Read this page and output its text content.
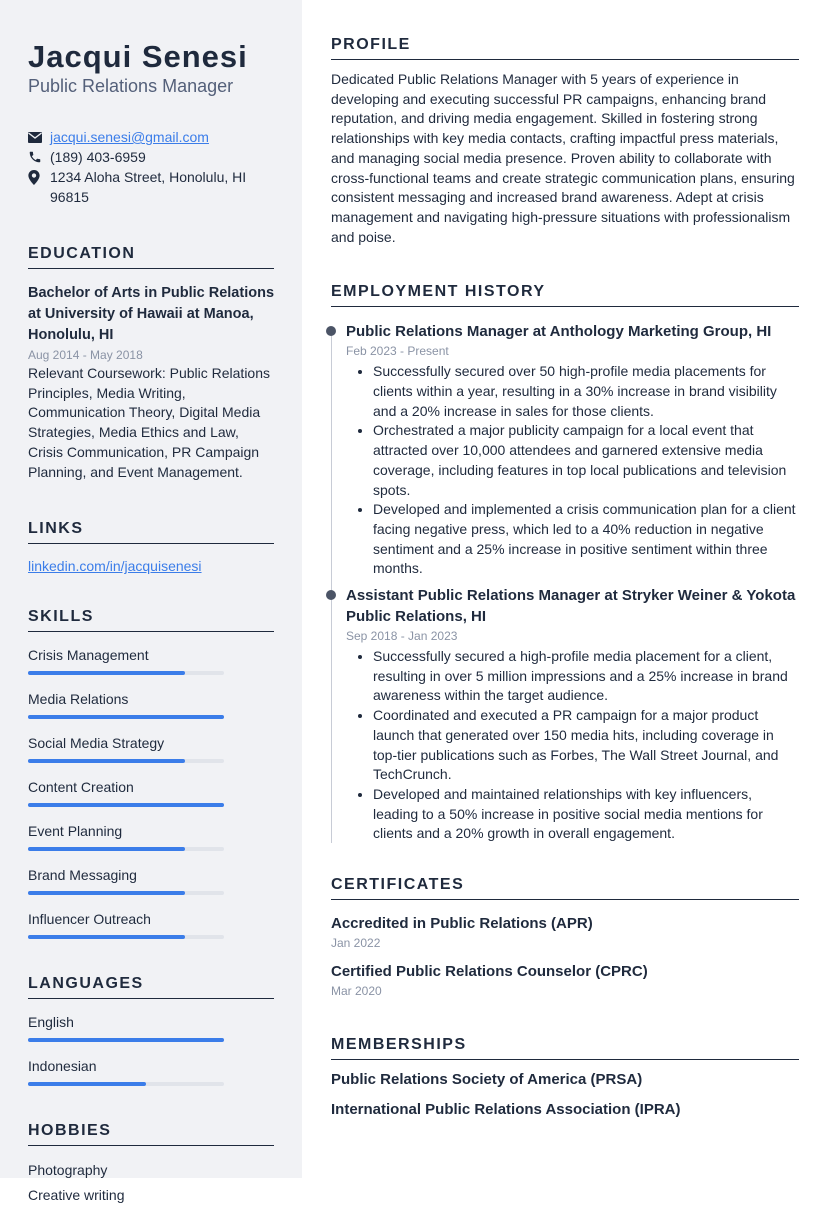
Jacqui Senesi
Public Relations Manager
jacqui.senesi@gmail.com
(189) 403-6959
1234 Aloha Street, Honolulu, HI 96815
EDUCATION
Bachelor of Arts in Public Relations at University of Hawaii at Manoa, Honolulu, HI
Aug 2014 - May 2018
Relevant Coursework: Public Relations Principles, Media Writing, Communication Theory, Digital Media Strategies, Media Ethics and Law, Crisis Communication, PR Campaign Planning, and Event Management.
LINKS
linkedin.com/in/jacquisenesi
SKILLS
Crisis Management
Media Relations
Social Media Strategy
Content Creation
Event Planning
Brand Messaging
Influencer Outreach
LANGUAGES
English
Indonesian
HOBBIES
Photography
Creative writing
PROFILE
Dedicated Public Relations Manager with 5 years of experience in developing and executing successful PR campaigns, enhancing brand reputation, and driving media engagement. Skilled in fostering strong relationships with key media contacts, crafting impactful press materials, and managing social media presence. Proven ability to collaborate with cross-functional teams and create strategic communication plans, ensuring consistent messaging and increased brand awareness. Adept at crisis management and navigating high-pressure situations with professionalism and poise.
EMPLOYMENT HISTORY
Public Relations Manager at Anthology Marketing Group, HI
Feb 2023 - Present
• Successfully secured over 50 high-profile media placements for clients within a year, resulting in a 30% increase in brand visibility and a 20% increase in sales for those clients.
• Orchestrated a major publicity campaign for a local event that attracted over 10,000 attendees and garnered extensive media coverage, including features in top local publications and television spots.
• Developed and implemented a crisis communication plan for a client facing negative press, which led to a 40% reduction in negative sentiment and a 25% increase in positive sentiment within three months.
Assistant Public Relations Manager at Stryker Weiner & Yokota Public Relations, HI
Sep 2018 - Jan 2023
• Successfully secured a high-profile media placement for a client, resulting in over 5 million impressions and a 25% increase in brand awareness within the target audience.
• Coordinated and executed a PR campaign for a major product launch that generated over 150 media hits, including coverage in top-tier publications such as Forbes, The Wall Street Journal, and TechCrunch.
• Developed and maintained relationships with key influencers, leading to a 50% increase in positive social media mentions for clients and a 20% growth in overall engagement.
CERTIFICATES
Accredited in Public Relations (APR)
Jan 2022
Certified Public Relations Counselor (CPRC)
Mar 2020
MEMBERSHIPS
Public Relations Society of America (PRSA)
International Public Relations Association (IPRA)
